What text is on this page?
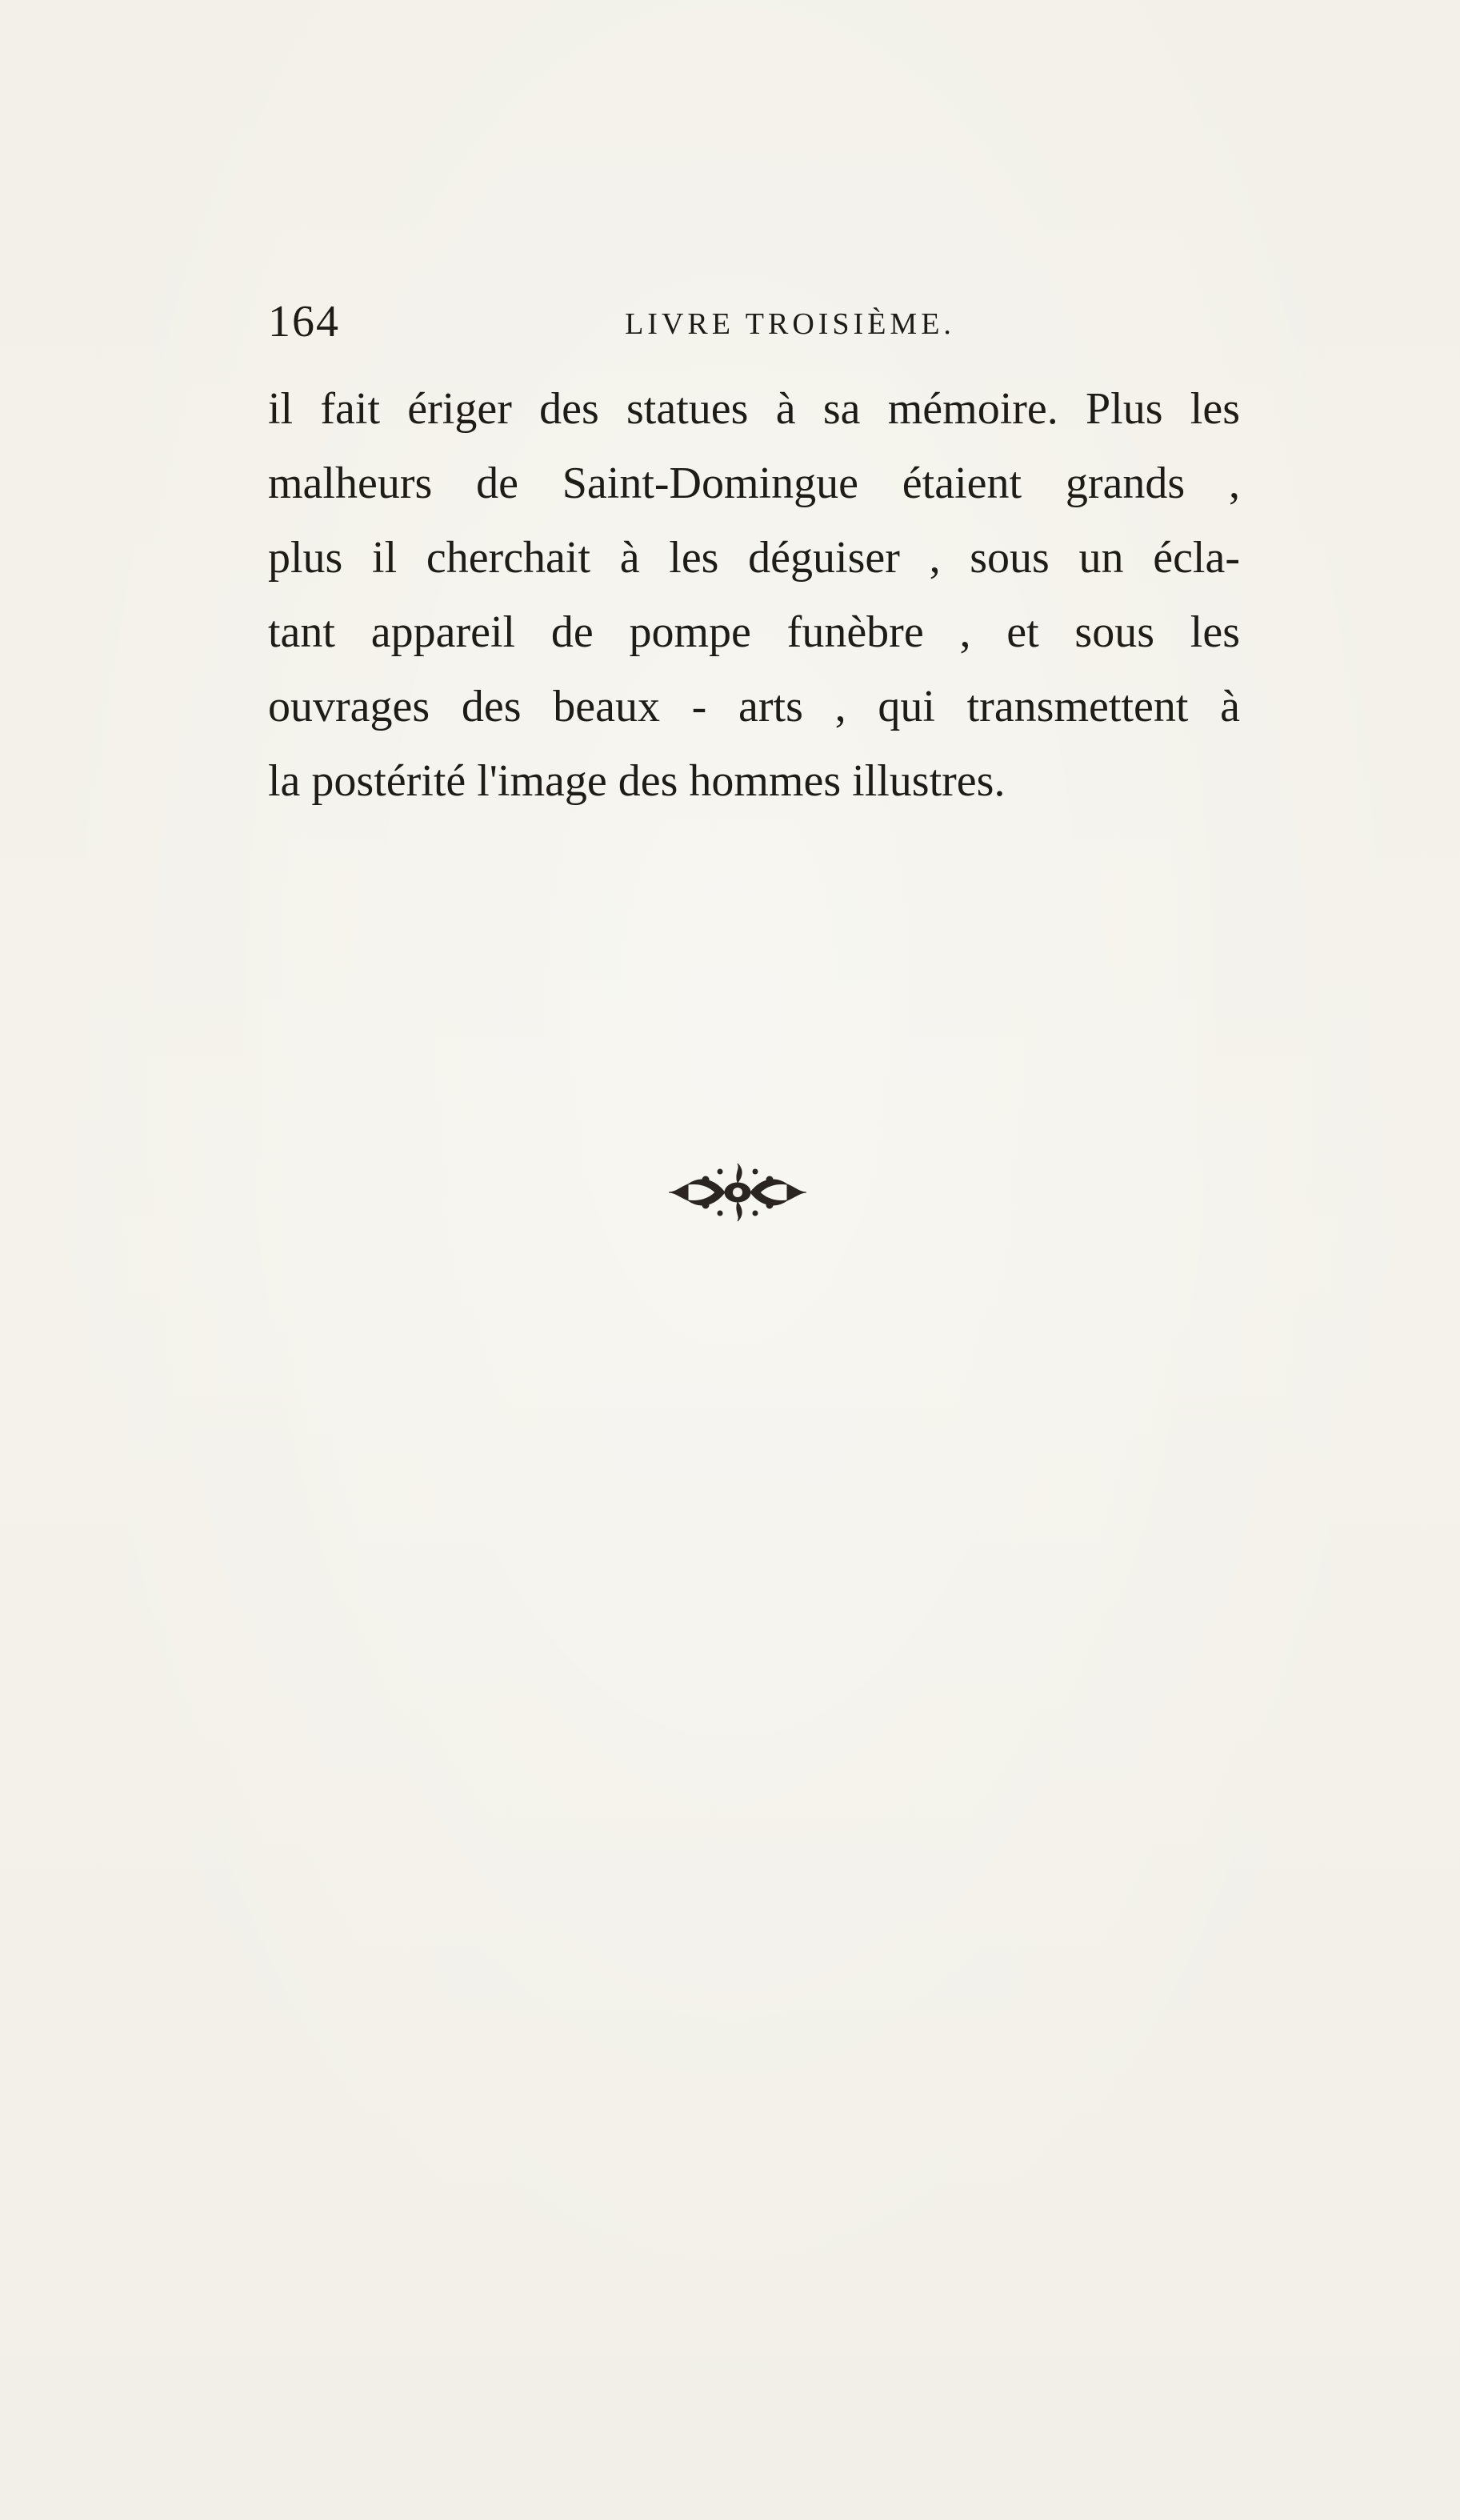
164	LIVRE TROISIÈME.
il fait ériger des statues à sa mémoire. Plus les
malheurs de Saint-Domingue étaient grands ,
plus il cherchait à les déguiser , sous un écla-
tant appareil de pompe funèbre , et sous les
ouvrages des beaux - arts , qui transmettent à
la postérité l'image des hommes illustres.
